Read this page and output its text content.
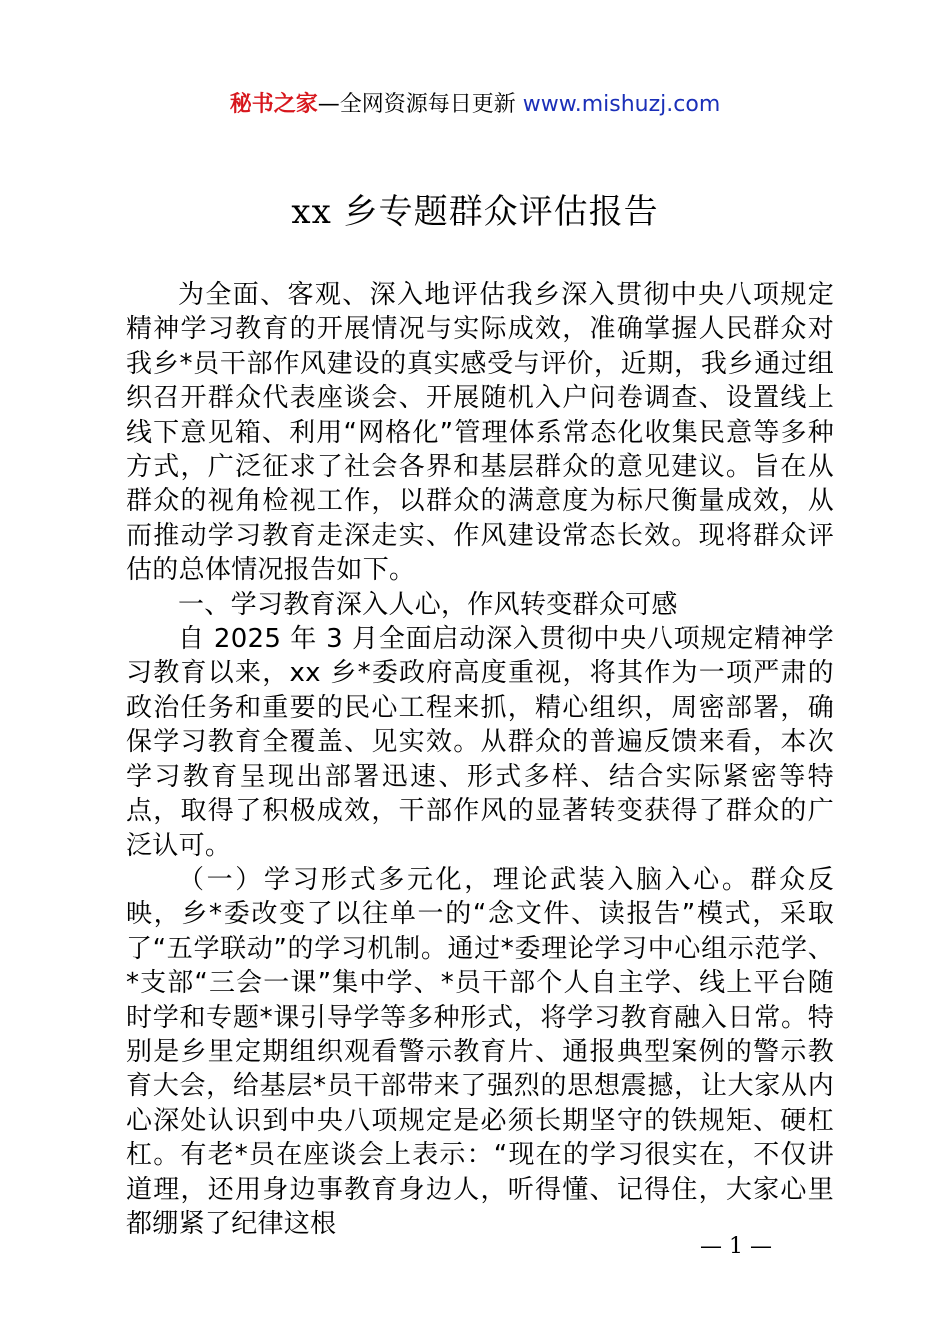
秘书之家—全网资源每日更新 www.mishuzj.com
xx 乡专题群众评估报告

为全面、客观、深入地评估我乡深入贯彻中央八项规定精神学习教育的开展情况与实际成效，准确掌握人民群众对我乡*员干部作风建设的真实感受与评价，近期，我乡通过组织召开群众代表座谈会、开展随机入户问卷调查、设置线上线下意见箱、利用“网格化”管理体系常态化收集民意等多种方式，广泛征求了社会各界和基层群众的意见建议。旨在从群众的视角检视工作，以群众的满意度为标尺衡量成效，从而推动学习教育走深走实、作风建设常态长效。现将群众评估的总体情况报告如下。

一、学习教育深入人心，作风转变群众可感

自 2025 年 3 月全面启动深入贯彻中央八项规定精神学习教育以来，xx 乡*委政府高度重视，将其作为一项严肃的政治任务和重要的民心工程来抓，精心组织，周密部署，确保学习教育全覆盖、见实效。从群众的普遍反馈来看，本次学习教育呈现出部署迅速、形式多样、结合实际紧密等特点，取得了积极成效，干部作风的显著转变获得了群众的广泛认可。

（一）学习形式多元化，理论武装入脑入心。群众反映，乡*委改变了以往单一的“念文件、读报告”模式，采取了“五学联动”的学习机制。通过*委理论学习中心组示范学、*支部“三会一课”集中学、*员干部个人自主学、线上平台随时学和专题*课引导学等多种形式，将学习教育融入日常。特别是乡里定期组织观看警示教育片、通报典型案例的警示教育大会，给基层*员干部带来了强烈的思想震撼，让大家从内心深处认识到中央八项规定是必须长期坚守的铁规矩、硬杠杠。有老*员在座谈会上表示：“现在的学习很实在，不仅讲道理，还用身边事教育身边人，听得懂、记得住，大家心里都绷紧了纪律这根

— 1 —
